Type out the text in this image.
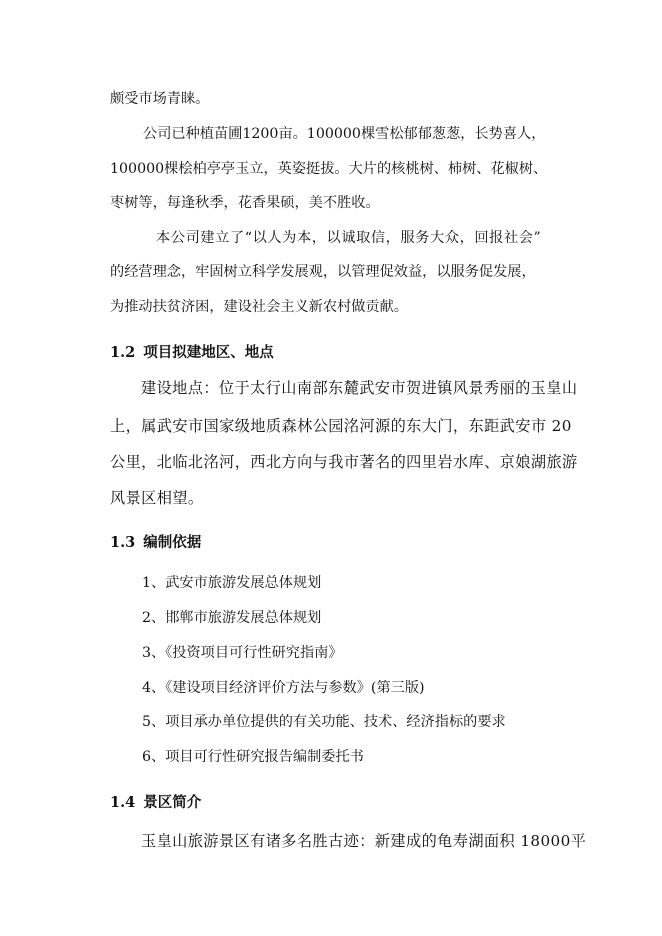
颇受市场青睐。
公司已种植苗圃1200亩。100000棵雪松郁郁葱葱，长势喜人，
100000棵桧柏亭亭玉立，英姿挺拔。大片的核桃树、柿树、花椒树、
枣树等，每逢秋季，花香果硕，美不胜收。
本公司建立了“以人为本，以诚取信，服务大众，回报社会”
的经营理念，牢固树立科学发展观，以管理促效益，以服务促发展，
为推动扶贫济困，建设社会主义新农村做贡献。
1.2 项目拟建地区、地点
建设地点：位于太行山南部东麓武安市贺进镇风景秀丽的玉皇山
上，属武安市国家级地质森林公园洺河源的东大门，东距武安市 20
公里，北临北洺河，西北方向与我市著名的四里岩水库、京娘湖旅游
风景区相望。
1.3 编制依据
1、武安市旅游发展总体规划
2、邯郸市旅游发展总体规划
3、《投资项目可行性研究指南》
4、《建设项目经济评价方法与参数》(第三版)
5、项目承办单位提供的有关功能、技术、经济指标的要求
6、项目可行性研究报告编制委托书
1.4 景区简介
玉皇山旅游景区有诸多名胜古迹：新建成的龟寿湖面积 18000平
